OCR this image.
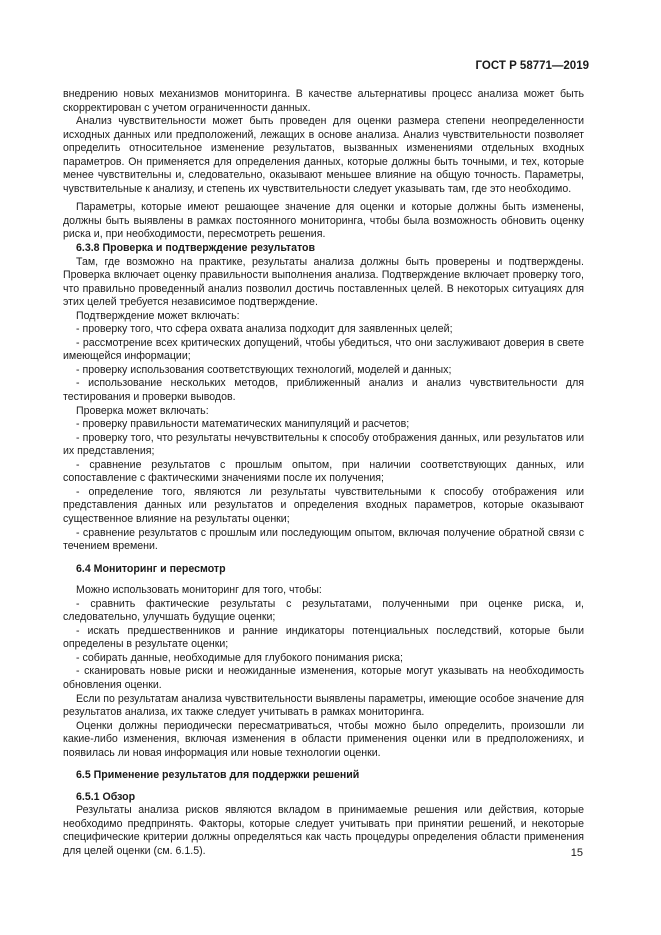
ГОСТ Р 58771—2019

внедрению новых механизмов мониторинга. В качестве альтернативы процесс анализа может быть скорректирован с учетом ограниченности данных.

Анализ чувствительности может быть проведен для оценки размера степени неопределенности исходных данных или предположений, лежащих в основе анализа. Анализ чувствительности позволяет определить относительное изменение результатов, вызванных изменениями отдельных входных параметров. Он применяется для определения данных, которые должны быть точными, и тех, которые менее чувствительны и, следовательно, оказывают меньшее влияние на общую точность. Параметры, чувствительные к анализу, и степень их чувствительности следует указывать там, где это необходимо.

Параметры, которые имеют решающее значение для оценки и которые должны быть изменены, должны быть выявлены в рамках постоянного мониторинга, чтобы была возможность обновить оценку риска и, при необходимости, пересмотреть решения.

6.3.8 Проверка и подтверждение результатов

Там, где возможно на практике, результаты анализа должны быть проверены и подтверждены. Проверка включает оценку правильности выполнения анализа. Подтверждение включает проверку того, что правильно проведенный анализ позволил достичь поставленных целей. В некоторых ситуациях для этих целей требуется независимое подтверждение.

Подтверждение может включать:

- проверку того, что сфера охвата анализа подходит для заявленных целей;

- рассмотрение всех критических допущений, чтобы убедиться, что они заслуживают доверия в свете имеющейся информации;

- проверку использования соответствующих технологий, моделей и данных;

- использование нескольких методов, приближенный анализ и анализ чувствительности для тестирования и проверки выводов.

Проверка может включать:

- проверку правильности математических манипуляций и расчетов;

- проверку того, что результаты нечувствительны к способу отображения данных, или результатов или их представления;

- сравнение результатов с прошлым опытом, при наличии соответствующих данных, или сопоставление с фактическими значениями после их получения;

- определение того, являются ли результаты чувствительными к способу отображения или представления данных или результатов и определения входных параметров, которые оказывают существенное влияние на результаты оценки;

- сравнение результатов с прошлым или последующим опытом, включая получение обратной связи с течением времени.

6.4 Мониторинг и пересмотр

Можно использовать мониторинг для того, чтобы:

- сравнить фактические результаты с результатами, полученными при оценке риска, и, следовательно, улучшать будущие оценки;

- искать предшественников и ранние индикаторы потенциальных последствий, которые были определены в результате оценки;

- собирать данные, необходимые для глубокого понимания риска;

- сканировать новые риски и неожиданные изменения, которые могут указывать на необходимость обновления оценки.

Если по результатам анализа чувствительности выявлены параметры, имеющие особое значение для результатов анализа, их также следует учитывать в рамках мониторинга.

Оценки должны периодически пересматриваться, чтобы можно было определить, произошли ли какие-либо изменения, включая изменения в области применения оценки или в предположениях, и появилась ли новая информация или новые технологии оценки.

6.5 Применение результатов для поддержки решений

6.5.1 Обзор

Результаты анализа рисков являются вкладом в принимаемые решения или действия, которые необходимо предпринять. Факторы, которые следует учитывать при принятии решений, и некоторые специфические критерии должны определяться как часть процедуры определения области применения для целей оценки (см. 6.1.5).	15
